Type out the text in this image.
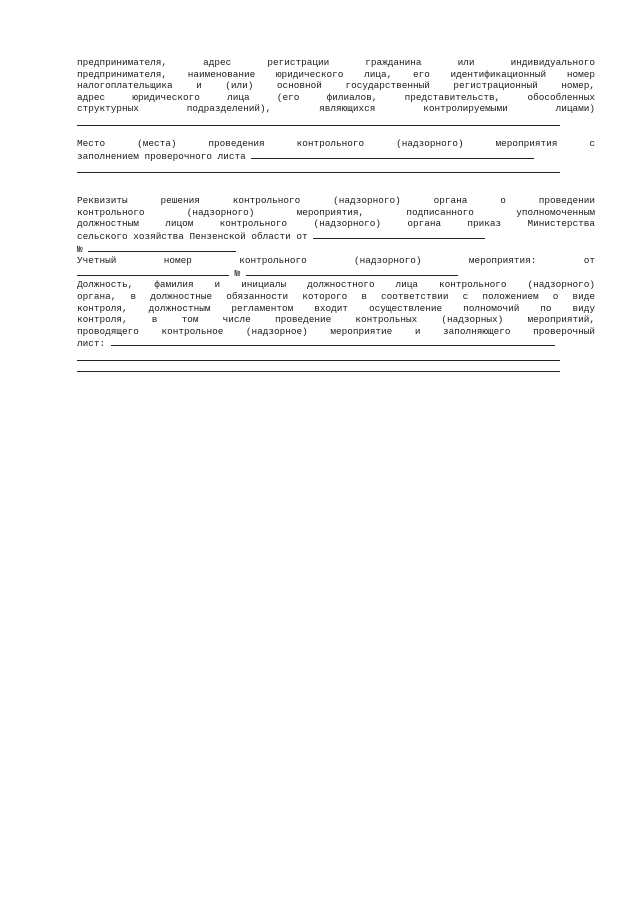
предпринимателя, адрес регистрации гражданина или индивидуального

предпринимателя, наименование юридического лица, его идентификационный номер

налогоплательщика и (или) основной государственный регистрационный номер,

адрес юридического лица (его филиалов, представительств, обособленных

структурных подразделений), являющихся контролируемыми лицами)

Место (места) проведения контрольного (надзорного) мероприятия с

заполнением проверочного листа

Реквизиты решения контрольного (надзорного) органа о проведении

контрольного (надзорного) мероприятия, подписанного уполномоченным

должностным лицом контрольного (надзорного) органа приказ Министерства

сельского хозяйства Пензенской области от

№

Учетный номер контрольного (надзорного) мероприятия: от

№

Должность, фамилия и инициалы должностного лица контрольного (надзорного)

органа, в должностные обязанности которого в соответствии с положением о виде

контроля, должностным регламентом входит осуществление полномочий по виду

контроля, в том числе проведение контрольных (надзорных) мероприятий,

проводящего контрольное (надзорное) мероприятие и заполняющего проверочный

лист:
